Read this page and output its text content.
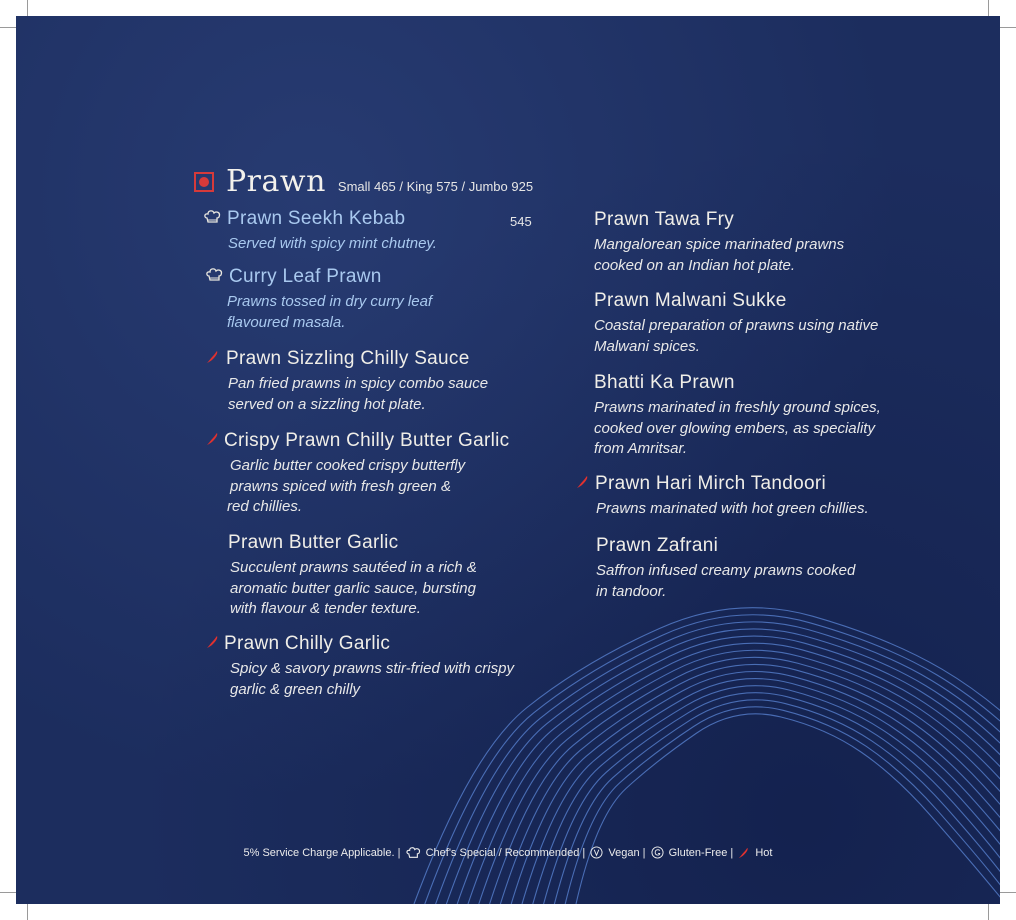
Prawn Small 465 / King 575 / Jumbo 925
Prawn Seekh Kebab
Served with spicy mint chutney.
545
Curry Leaf Prawn
Prawns tossed in dry curry leaf
flavoured masala.
Prawn Sizzling Chilly Sauce
Pan fried prawns in spicy combo sauce
served on a sizzling hot plate.
Crispy Prawn Chilly Butter Garlic
Garlic butter cooked crispy butterfly
prawns spiced with fresh green &
red chillies.
Prawn Butter Garlic
Succulent prawns sautéed in a rich &
aromatic butter garlic sauce, bursting
with flavour & tender texture.
Prawn Chilly Garlic
Spicy & savory prawns stir-fried with crispy
garlic & green chilly
Prawn Tawa Fry
Mangalorean spice marinated prawns
cooked on an Indian hot plate.
Prawn Malwani Sukke
Coastal preparation of prawns using native
Malwani spices.
Bhatti Ka Prawn
Prawns marinated in freshly ground spices,
cooked over glowing embers, as speciality
from Amritsar.
Prawn Hari Mirch Tandoori
Prawns marinated with hot green chillies.
Prawn Zafrani
Saffron infused creamy prawns cooked
in tandoor.
5% Service Charge Applicable. | Chef's Special / Recommended | Vegan | Gluten-Free | Hot
